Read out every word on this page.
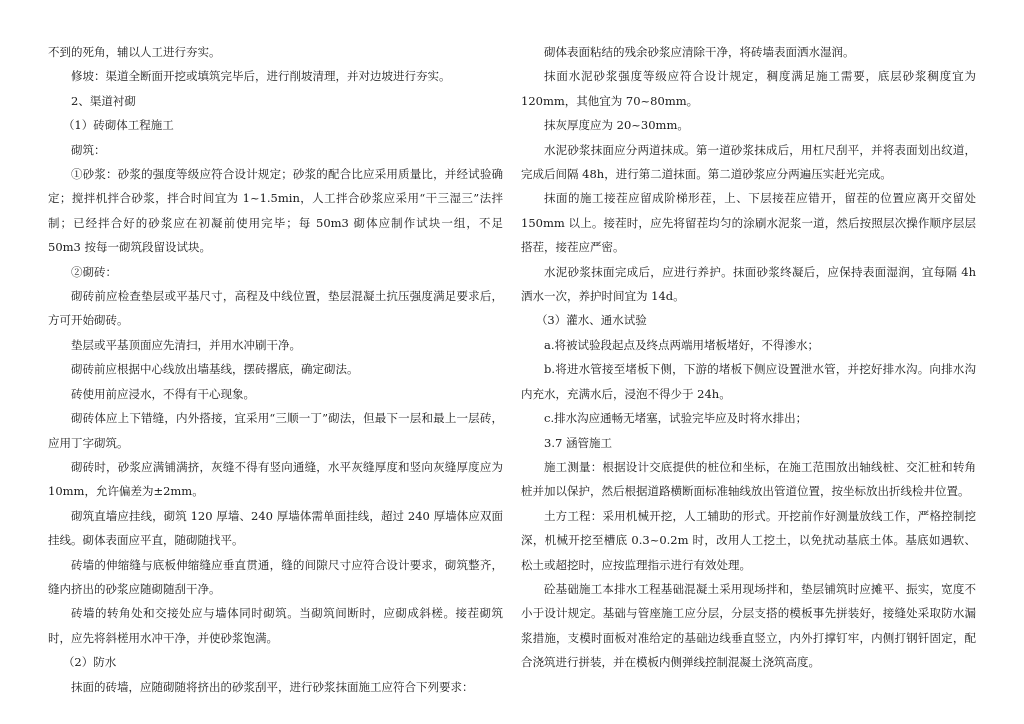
不到的死角，辅以人工进行夯实。

修坡：渠道全断面开挖或填筑完毕后，进行削坡清理，并对边坡进行夯实。

2、渠道衬砌

（1）砖砌体工程施工

砌筑：

①砂浆：砂浆的强度等级应符合设计规定；砂浆的配合比应采用质量比，并经试验确定；搅拌机拌合砂浆，拌合时间宜为 1~1.5min，人工拌合砂浆应采用“干三湿三”法拌制；已经拌合好的砂浆应在初凝前使用完毕；每 50m3 砌体应制作试块一组，不足 50m3 按每一砌筑段留设试块。

②砌砖：

砌砖前应检查垫层或平基尺寸，高程及中线位置，垫层混凝土抗压强度满足要求后，方可开始砌砖。

垫层或平基顶面应先清扫，并用水冲刷干净。

砌砖前应根据中心线放出墙基线，摆砖撂底，确定砌法。

砖使用前应浸水，不得有干心现象。

砌砖体应上下错缝，内外搭接，宜采用“三顺一丁”砌法，但最下一层和最上一层砖，应用丁字砌筑。

砌砖时，砂浆应满铺满挤，灰缝不得有竖向通缝，水平灰缝厚度和竖向灰缝厚度应为 10mm，允许偏差为±2mm。

砌筑直墙应挂线，砌筑 120 厚墙、240 厚墙体需单面挂线，超过 240 厚墙体应双面挂线。砌体表面应平直，随砌随找平。

砖墙的伸缩缝与底板伸缩缝应垂直贯通，缝的间隙尺寸应符合设计要求，砌筑整齐，缝内挤出的砂浆应随砌随刮干净。

砖墙的转角处和交接处应与墙体同时砌筑。当砌筑间断时，应砌成斜槎。接茬砌筑时，应先将斜槎用水冲干净，并使砂浆饱满。

（2）防水

抹面的砖墙，应随砌随将挤出的砂浆刮平，进行砂浆抹面施工应符合下列要求：

砌体表面粘结的残余砂浆应清除干净，将砖墙表面洒水湿润。

抹面水泥砂浆强度等级应符合设计规定，稠度满足施工需要，底层砂浆稠度宜为 120mm，其他宜为 70~80mm。

抹灰厚度应为 20~30mm。

水泥砂浆抹面应分两道抹成。第一道砂浆抹成后，用杠尺刮平，并将表面划出纹道，完成后间隔 48h，进行第二道抹面。第二道砂浆应分两遍压实赶光完成。

抹面的施工接茬应留成阶梯形茬，上、下层接茬应错开，留茬的位置应离开交留处 150mm 以上。接茬时，应先将留茬均匀的涂刷水泥浆一道，然后按照层次操作顺序层层搭茬，接茬应严密。

水泥砂浆抹面完成后，应进行养护。抹面砂浆终凝后，应保持表面湿润，宜每隔 4h 洒水一次，养护时间宜为 14d。

（3）灌水、通水试验

a.将被试验段起点及终点两端用堵板堵好，不得渗水；

b.将进水管接至堵板下侧，下游的堵板下侧应设置泄水管，并挖好排水沟。向排水沟内充水，充满水后，浸泡不得少于 24h。

c.排水沟应通畅无堵塞，试验完毕应及时将水排出；

3.7 涵管施工

施工测量：根据设计交底提供的桩位和坐标，在施工范围放出轴线桩、交汇桩和转角桩并加以保护，然后根据道路横断面标准轴线放出管道位置，按坐标放出折线检井位置。

土方工程：采用机械开挖，人工辅助的形式。开挖前作好测量放线工作，严格控制挖深，机械开挖至槽底 0.3~0.2m 时，改用人工挖土，以免扰动基底土体。基底如遇软、松土或超挖时，应按监理指示进行有效处理。

砼基础施工本排水工程基础混凝土采用现场拌和，垫层铺筑时应摊平、振实，宽度不小于设计规定。基础与管座施工应分层，分层支搭的模板事先拼装好，接缝处采取防水漏浆措施，支模时面板对准给定的基础边线垂直竖立，内外打撑钉牢，内侧打钢钎固定，配合浇筑进行拼装，并在模板内侧弹线控制混凝土浇筑高度。
